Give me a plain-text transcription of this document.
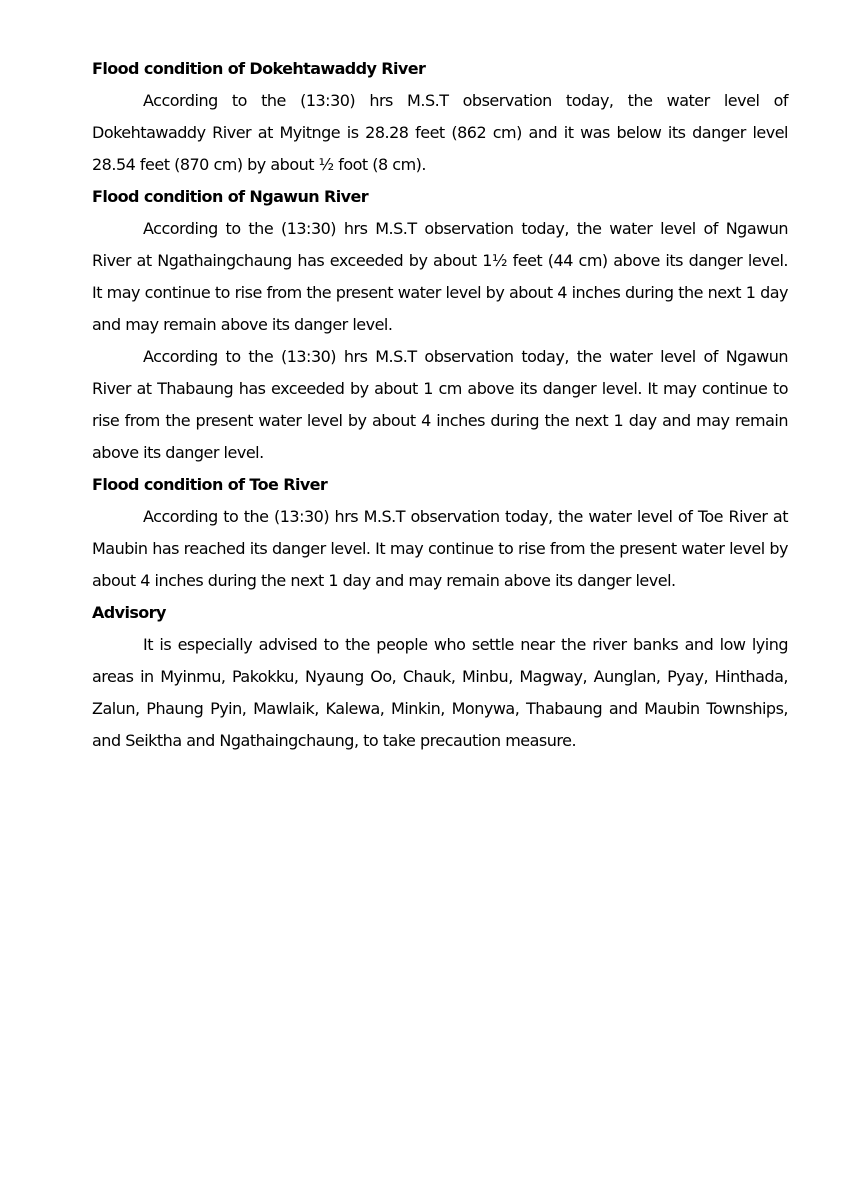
Flood condition of Dokehtawaddy River

According to the (13:30) hrs M.S.T observation today, the water level of Dokehtawaddy River at Myitnge is 28.28 feet (862 cm) and it was below its danger level 28.54 feet (870 cm) by about ½ foot (8 cm).

Flood condition of Ngawun River

According to the (13:30) hrs M.S.T observation today, the water level of Ngawun River at Ngathaingchaung has exceeded by about 1½ feet (44 cm) above its danger level. It may continue to rise from the present water level by about 4 inches during the next 1 day and may remain above its danger level.

According to the (13:30) hrs M.S.T observation today, the water level of Ngawun River at Thabaung has exceeded by about 1 cm above its danger level. It may continue to rise from the present water level by about 4 inches during the next 1 day and may remain above its danger level.

Flood condition of Toe River

According to the (13:30) hrs M.S.T observation today, the water level of Toe River at Maubin has reached its danger level. It may continue to rise from the present water level by about 4 inches during the next 1 day and may remain above its danger level.

Advisory

It is especially advised to the people who settle near the river banks and low lying areas in Myinmu, Pakokku, Nyaung Oo, Chauk, Minbu, Magway, Aunglan, Pyay, Hinthada, Zalun, Phaung Pyin, Mawlaik, Kalewa, Minkin, Monywa, Thabaung and Maubin Townships, and Seiktha and Ngathaingchaung, to take precaution measure.
